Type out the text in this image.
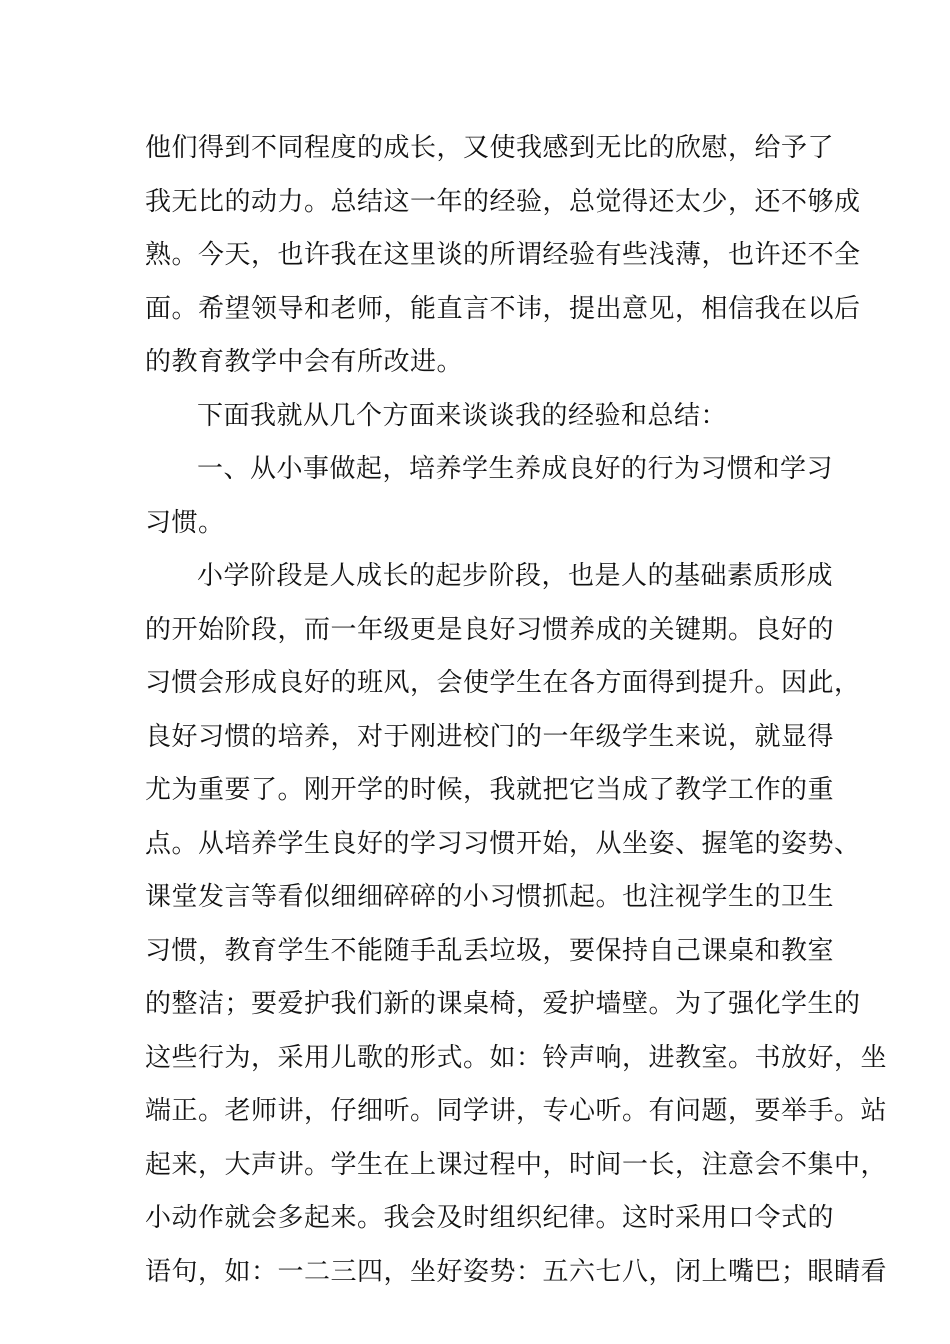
他们得到不同程度的成长，又使我感到无比的欣慰，给予了
我无比的动力。总结这一年的经验，总觉得还太少，还不够成
熟。今天，也许我在这里谈的所谓经验有些浅薄，也许还不全
面。希望领导和老师，能直言不讳，提出意见，相信我在以后
的教育教学中会有所改进。
下面我就从几个方面来谈谈我的经验和总结：
一、从小事做起，培养学生养成良好的行为习惯和学习
习惯。
小学阶段是人成长的起步阶段，也是人的基础素质形成
的开始阶段，而一年级更是良好习惯养成的关键期。良好的
习惯会形成良好的班风，会使学生在各方面得到提升。因此，
良好习惯的培养，对于刚进校门的一年级学生来说，就显得
尤为重要了。刚开学的时候，我就把它当成了教学工作的重
点。从培养学生良好的学习习惯开始，从坐姿、握笔的姿势、
课堂发言等看似细细碎碎的小习惯抓起。也注视学生的卫生
习惯，教育学生不能随手乱丢垃圾，要保持自己课桌和教室
的整洁；要爱护我们新的课桌椅，爱护墙壁。为了强化学生的
这些行为，采用儿歌的形式。如：铃声响，进教室。书放好，坐
端正。老师讲，仔细听。同学讲，专心听。有问题，要举手。站
起来，大声讲。学生在上课过程中，时间一长，注意会不集中，
小动作就会多起来。我会及时组织纪律。这时采用口令式的
语句，如：一二三四，坐好姿势：五六七八，闭上嘴巴；眼睛看
